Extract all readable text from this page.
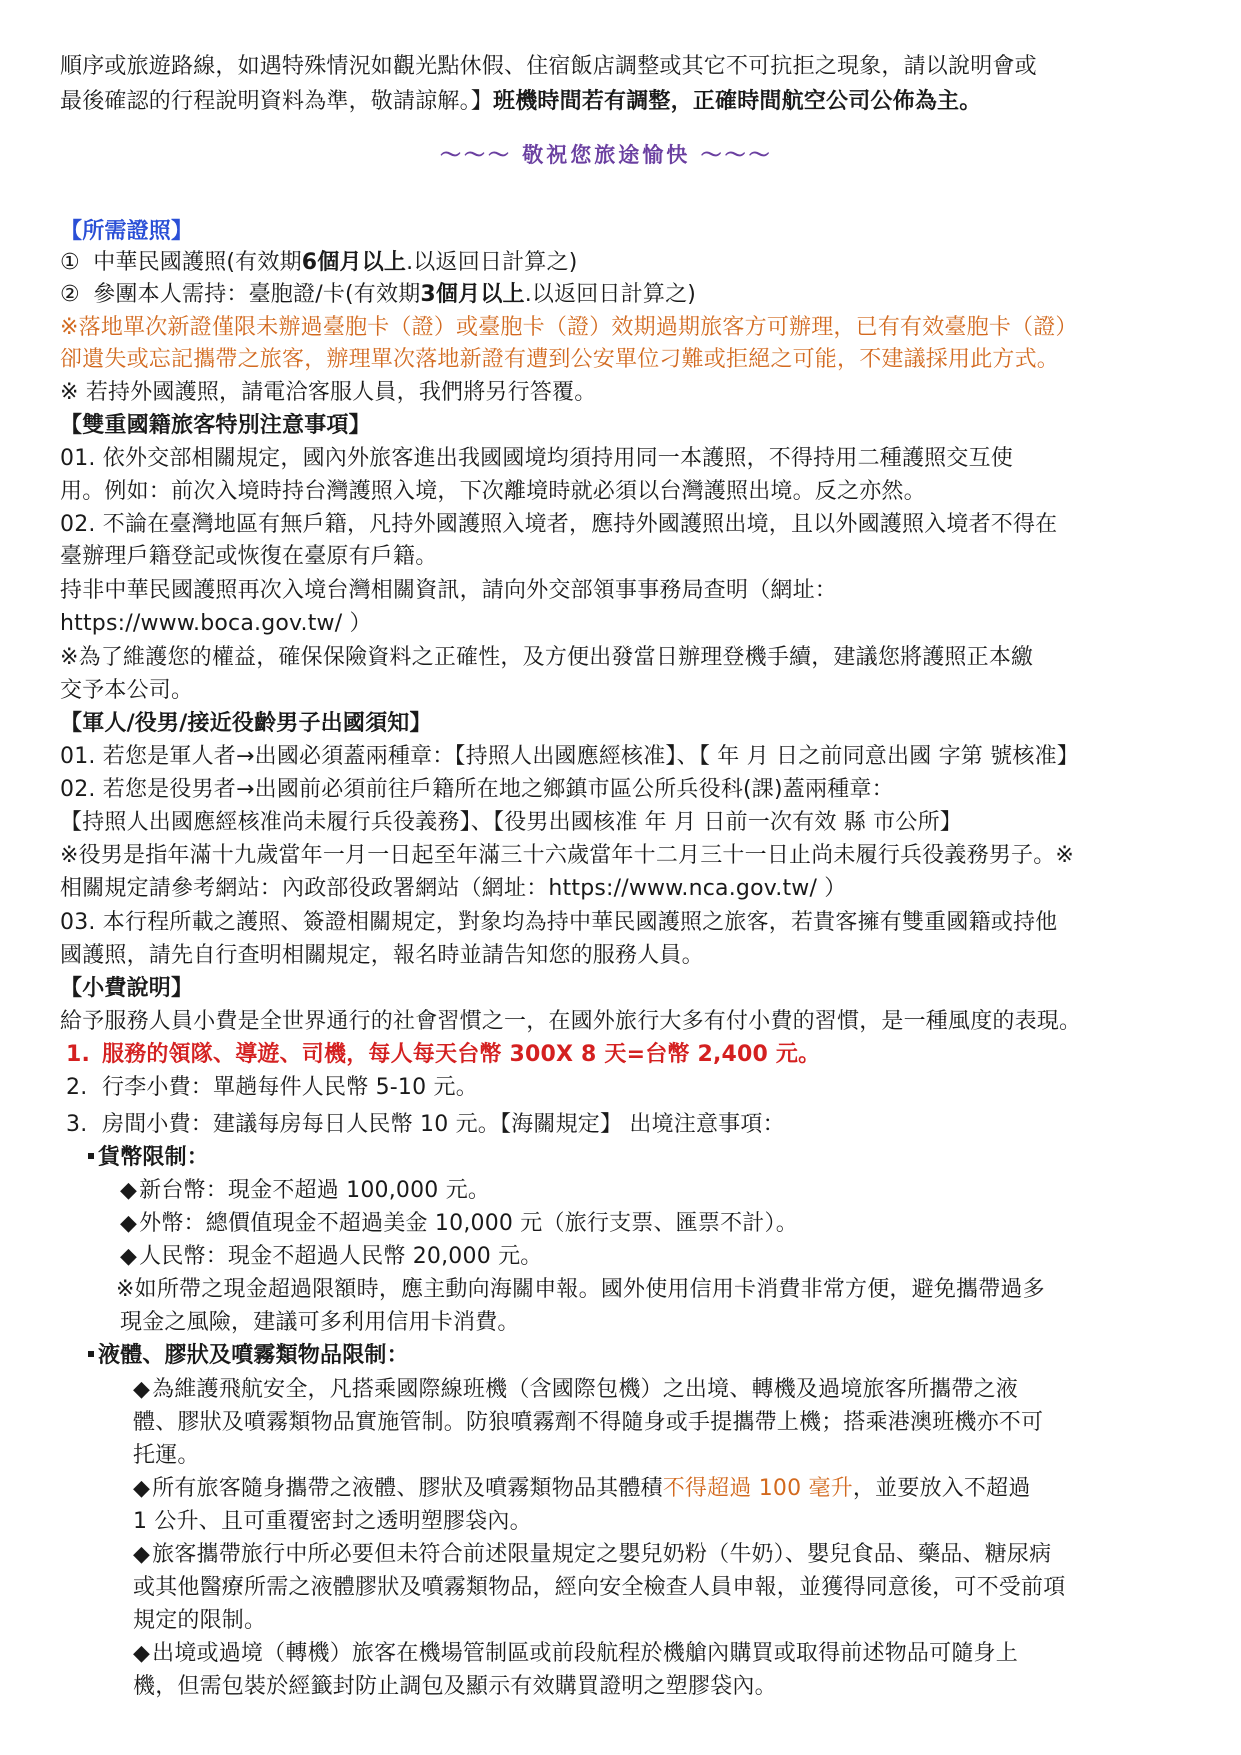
順序或旅遊路線，如遇特殊情況如觀光點休假、住宿飯店調整或其它不可抗拒之現象，請以說明會或
最後確認的行程說明資料為準，敬請諒解。】班機時間若有調整，正確時間航空公司公佈為主。
～～～ 敬祝您旅途愉快 ～～～
【所需證照】
① 中華民國護照(有效期6個月以上.以返回日計算之)
② 參團本人需持：臺胞證/卡(有效期3個月以上.以返回日計算之)
※落地單次新證僅限未辦過臺胞卡（證）或臺胞卡（證）效期過期旅客方可辦理，已有有效臺胞卡（證）
卻遺失或忘記攜帶之旅客，辦理單次落地新證有遭到公安單位刁難或拒絕之可能，不建議採用此方式。
※ 若持外國護照，請電洽客服人員，我們將另行答覆。
【雙重國籍旅客特別注意事項】
01. 依外交部相關規定，國內外旅客進出我國國境均須持用同一本護照，不得持用二種護照交互使
用。例如：前次入境時持台灣護照入境，下次離境時就必須以台灣護照出境。反之亦然。
02. 不論在臺灣地區有無戶籍，凡持外國護照入境者，應持外國護照出境，且以外國護照入境者不得在
臺辦理戶籍登記或恢復在臺原有戶籍。
持非中華民國護照再次入境台灣相關資訊，請向外交部領事事務局查明（網址：
https://www.boca.gov.tw/ ）
※為了維護您的權益，確保保險資料之正確性，及方便出發當日辦理登機手續，建議您將護照正本繳
交予本公司。
【軍人/役男/接近役齡男子出國須知】
01. 若您是軍人者→出國必須蓋兩種章：【持照人出國應經核准】、【 年 月 日之前同意出國 字第 號核准】
02. 若您是役男者→出國前必須前往戶籍所在地之鄉鎮市區公所兵役科(課)蓋兩種章：
【持照人出國應經核准尚未履行兵役義務】、【役男出國核准 年 月 日前一次有效 縣 市公所】
※役男是指年滿十九歲當年一月一日起至年滿三十六歲當年十二月三十一日止尚未履行兵役義務男子。※
相關規定請參考網站：內政部役政署網站（網址：https://www.nca.gov.tw/ ）
03. 本行程所載之護照、簽證相關規定，對象均為持中華民國護照之旅客，若貴客擁有雙重國籍或持他
國護照，請先自行查明相關規定，報名時並請告知您的服務人員。
【小費說明】
給予服務人員小費是全世界通行的社會習慣之一，在國外旅行大多有付小費的習慣，是一種風度的表現。
1. 服務的領隊、導遊、司機，每人每天台幣 300X 8 天=台幣 2,400 元。
2. 行李小費：單趟每件人民幣 5-10 元。
3. 房間小費：建議每房每日人民幣 10 元。【海關規定】 出境注意事項：
貨幣限制：
◆新台幣：現金不超過 100,000 元。
◆外幣：總價值現金不超過美金 10,000 元（旅行支票、匯票不計）。
◆人民幣：現金不超過人民幣 20,000 元。
※如所帶之現金超過限額時，應主動向海關申報。國外使用信用卡消費非常方便，避免攜帶過多
現金之風險，建議可多利用信用卡消費。
液體、膠狀及噴霧類物品限制：
◆為維護飛航安全，凡搭乘國際線班機（含國際包機）之出境、轉機及過境旅客所攜帶之液
體、膠狀及噴霧類物品實施管制。防狼噴霧劑不得隨身或手提攜帶上機；搭乘港澳班機亦不可
托運。
◆所有旅客隨身攜帶之液體、膠狀及噴霧類物品其體積不得超過 100 毫升，並要放入不超過
1 公升、且可重覆密封之透明塑膠袋內。
◆旅客攜帶旅行中所必要但未符合前述限量規定之嬰兒奶粉（牛奶）、嬰兒食品、藥品、糖尿病
或其他醫療所需之液體膠狀及噴霧類物品，經向安全檢查人員申報，並獲得同意後，可不受前項
規定的限制。
◆出境或過境（轉機）旅客在機場管制區或前段航程於機艙內購買或取得前述物品可隨身上
機，但需包裝於經籤封防止調包及顯示有效購買證明之塑膠袋內。
